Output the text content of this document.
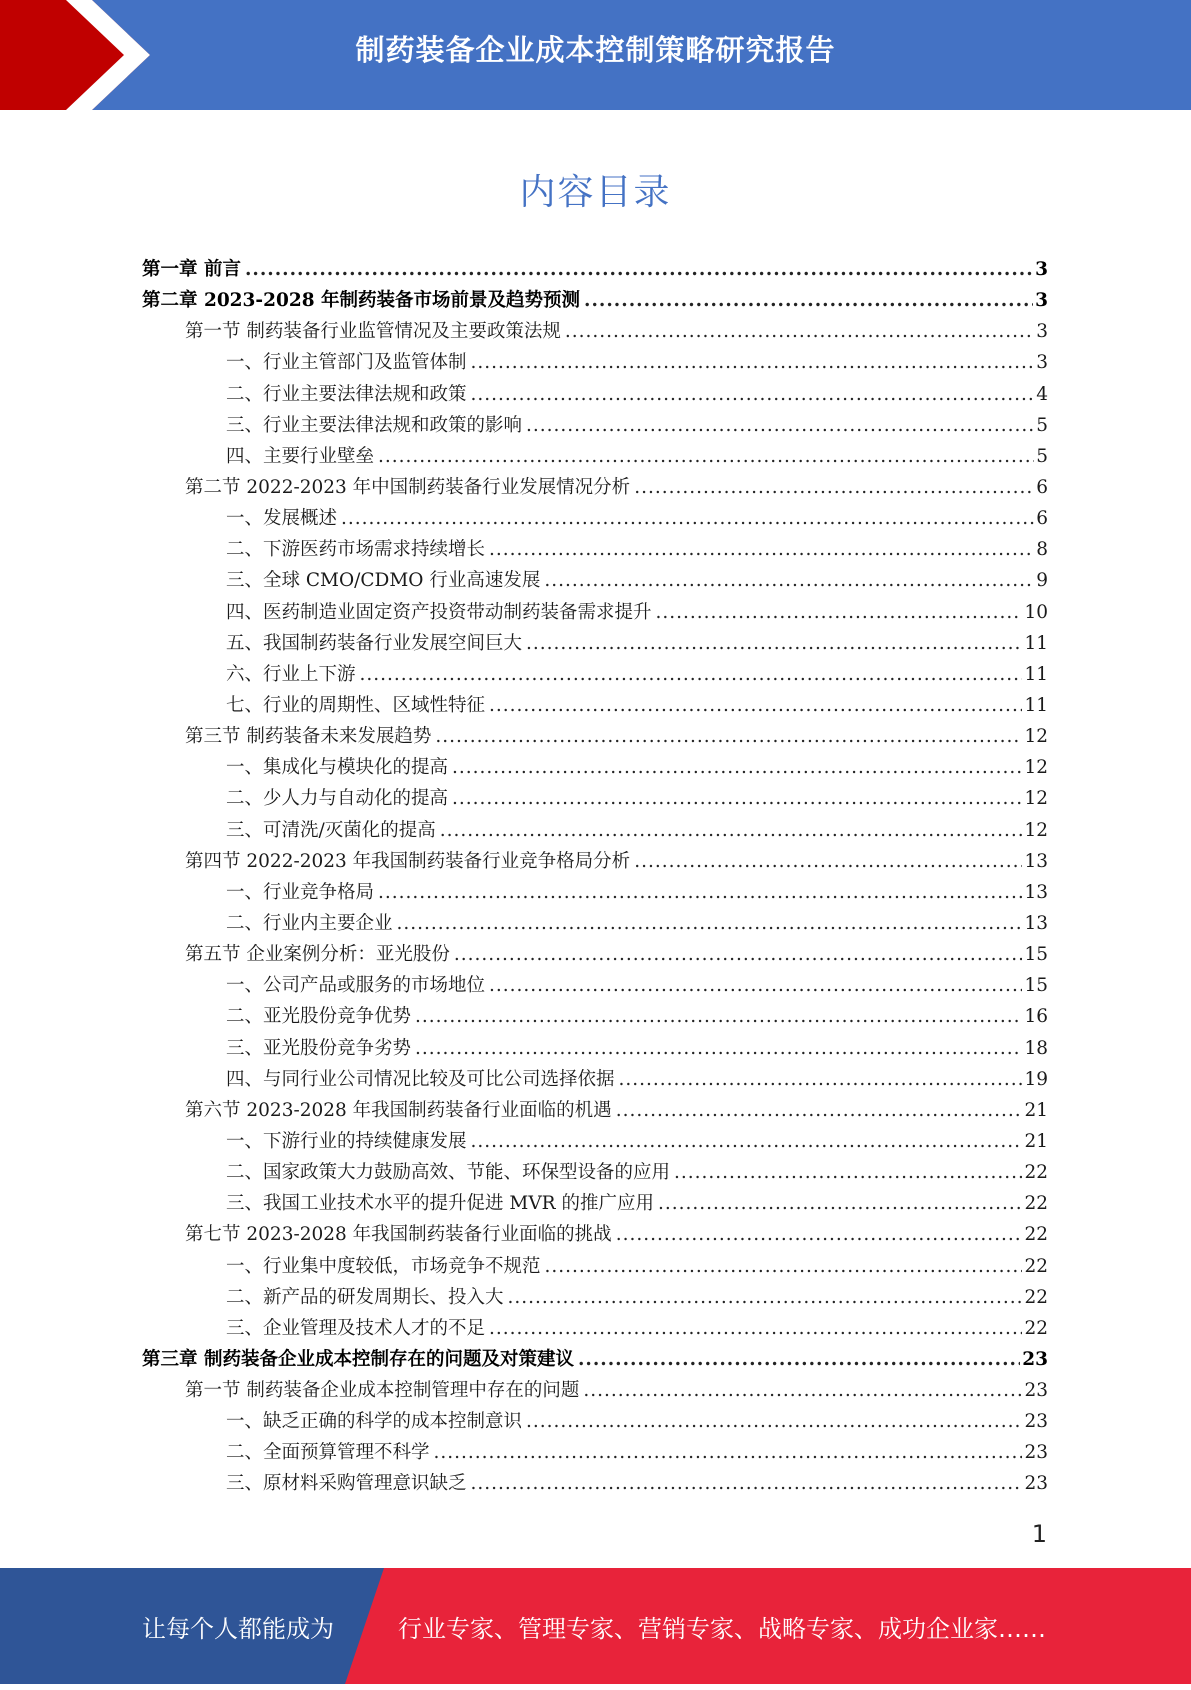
制药装备企业成本控制策略研究报告
内容目录
第一章 前言 .....	3
第二章 2023-2028 年制药装备市场前景及趋势预测 .....	3
第一节 制药装备行业监管情况及主要政策法规 .....	3
一、行业主管部门及监管体制 .....	3
二、行业主要法律法规和政策 .....	4
三、行业主要法律法规和政策的影响 .....	5
四、主要行业壁垒 .....	5
第二节 2022-2023 年中国制药装备行业发展情况分析 .....	6
一、发展概述 .....	6
二、下游医药市场需求持续增长 .....	8
三、全球 CMO/CDMO 行业高速发展 .....	9
四、医药制造业固定资产投资带动制药装备需求提升 .....	10
五、我国制药装备行业发展空间巨大 .....	11
六、行业上下游 .....	11
七、行业的周期性、区域性特征 .....	11
第三节 制药装备未来发展趋势 .....	12
一、集成化与模块化的提高 .....	12
二、少人力与自动化的提高 .....	12
三、可清洗/灭菌化的提高 .....	12
第四节 2022-2023 年我国制药装备行业竞争格局分析 .....	13
一、行业竞争格局 .....	13
二、行业内主要企业 .....	13
第五节 企业案例分析：亚光股份 .....	15
一、公司产品或服务的市场地位 .....	15
二、亚光股份竞争优势 .....	16
三、亚光股份竞争劣势 .....	18
四、与同行业公司情况比较及可比公司选择依据 .....	19
第六节 2023-2028 年我国制药装备行业面临的机遇 .....	21
一、下游行业的持续健康发展 .....	21
二、国家政策大力鼓励高效、节能、环保型设备的应用 .....	22
三、我国工业技术水平的提升促进 MVR 的推广应用 .....	22
第七节 2023-2028 年我国制药装备行业面临的挑战 .....	22
一、行业集中度较低，市场竞争不规范 .....	22
二、新产品的研发周期长、投入大 .....	22
三、企业管理及技术人才的不足 .....	22
第三章 制药装备企业成本控制存在的问题及对策建议 .....	23
第一节 制药装备企业成本控制管理中存在的问题 .....	23
一、缺乏正确的科学的成本控制意识 .....	23
二、全面预算管理不科学 .....	23
三、原材料采购管理意识缺乏 .....	23
1
让每个人都能成为	行业专家、管理专家、营销专家、战略专家、成功企业家……
